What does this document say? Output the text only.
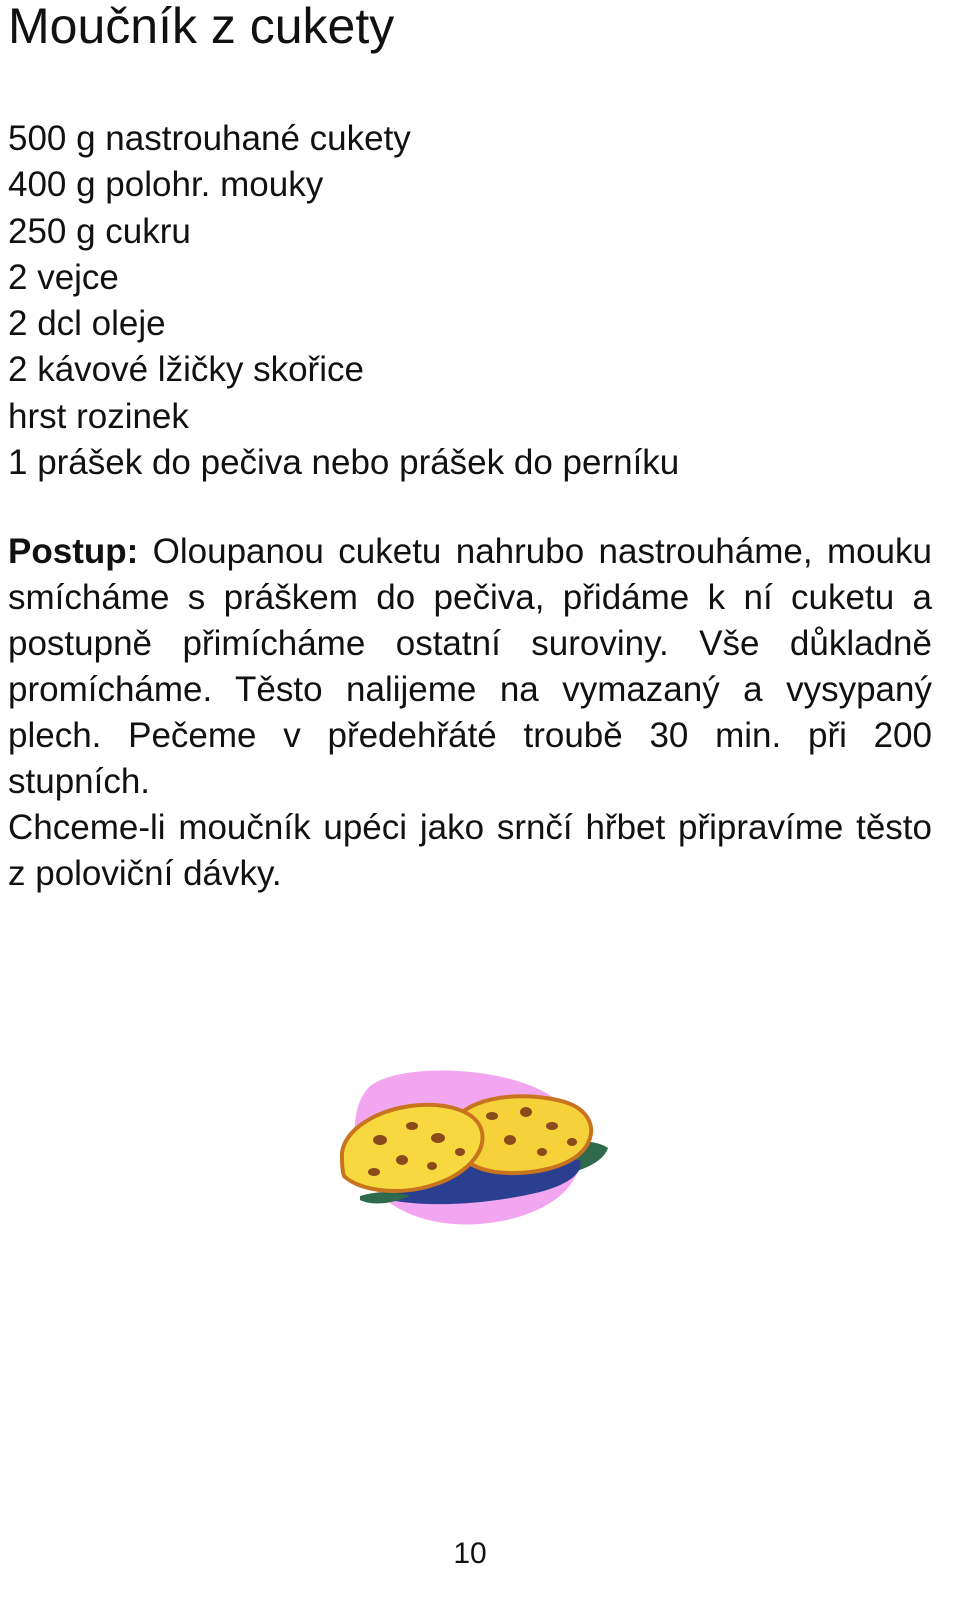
Moučník z cukety
500 g nastrouhané cukety
400 g polohr. mouky
250 g cukru
2 vejce
2 dcl oleje
2 kávové lžičky skořice
hrst rozinek
1 prášek do pečiva nebo prášek do perníku

Postup: Oloupanou cuketu nahrubo nastrouháme, mouku smícháme s práškem do pečiva, přidáme k ní cuketu a postupně přimícháme ostatní suroviny. Vše důkladně promícháme. Těsto nalijeme na vymazaný a vysypaný plech. Pečeme v předehřáté troubě 30 min. při 200 stupních.

Chceme-li moučník upéci jako srnčí hřbet připravíme těsto z poloviční dávky.

10
